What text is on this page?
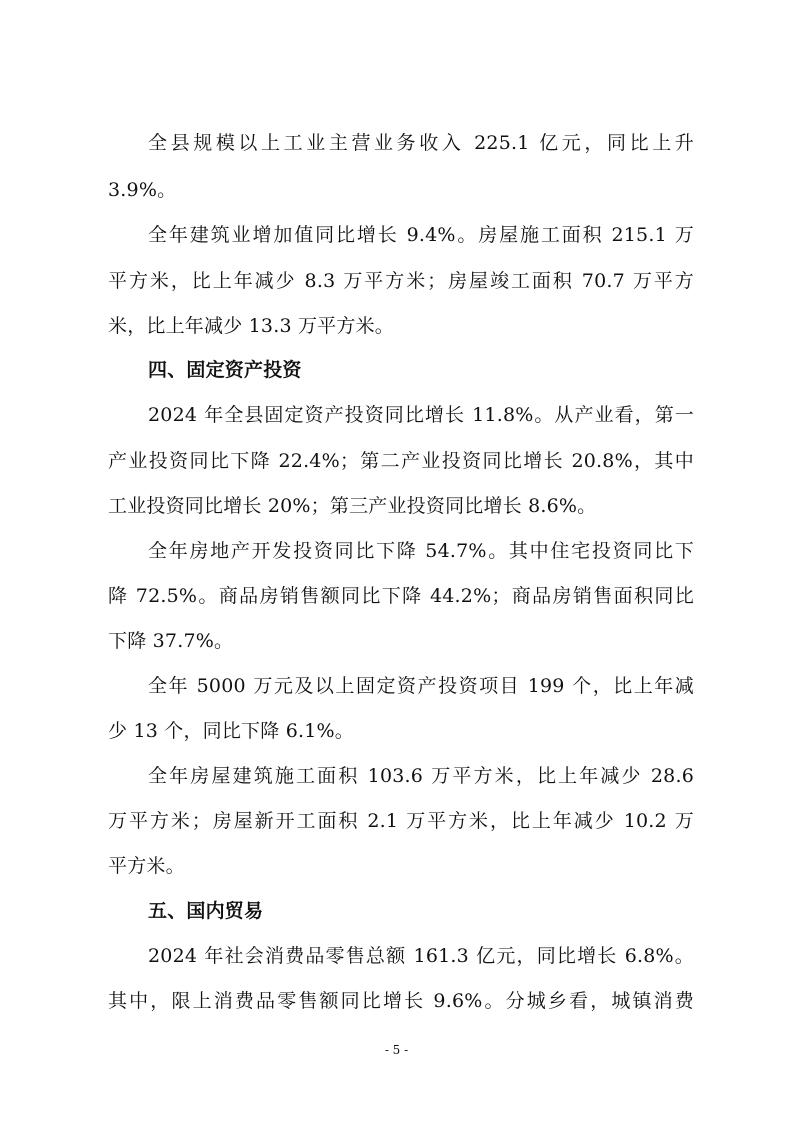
全县规模以上工业主营业务收入 225.1 亿元，同比上升
3.9%。
全年建筑业增加值同比增长 9.4%。房屋施工面积 215.1 万
平方米，比上年减少 8.3 万平方米；房屋竣工面积 70.7 万平方
米，比上年减少 13.3 万平方米。
四、固定资产投资
2024 年全县固定资产投资同比增长 11.8%。从产业看，第一
产业投资同比下降 22.4%；第二产业投资同比增长 20.8%，其中
工业投资同比增长 20%；第三产业投资同比增长 8.6%。
全年房地产开发投资同比下降 54.7%。其中住宅投资同比下
降 72.5%。商品房销售额同比下降 44.2%；商品房销售面积同比
下降 37.7%。
全年 5000 万元及以上固定资产投资项目 199 个，比上年减
少 13 个，同比下降 6.1%。
全年房屋建筑施工面积 103.6 万平方米，比上年减少 28.6
万平方米；房屋新开工面积 2.1 万平方米，比上年减少 10.2 万
平方米。
五、国内贸易
2024 年社会消费品零售总额 161.3 亿元，同比增长 6.8%。
其中，限上消费品零售额同比增长 9.6%。分城乡看，城镇消费
- 5 -
